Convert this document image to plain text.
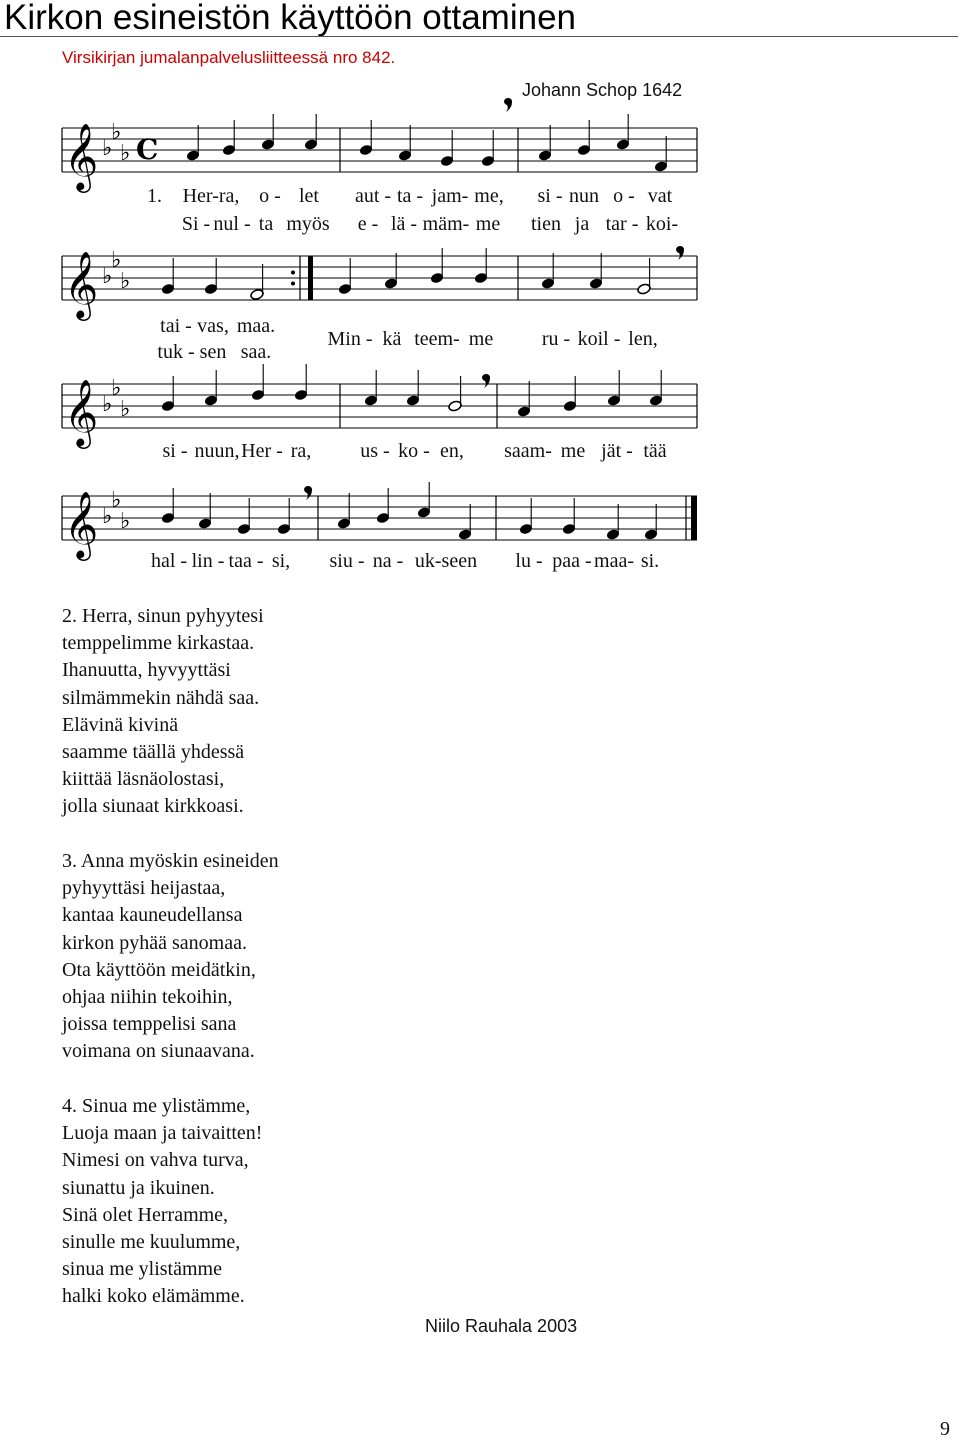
Kirkon esineistön käyttöön ottaminen
Virsikirjan jumalanpalvelusliitteessä nro 842.
Johann Schop 1642
𝄞 ♭
♭
♭ C
1. Her-ra, o - let aut - ta - jam- me, si - nun o - vat
Si - nul - ta myös e - lä - mäm- me tien ja tar - koi-
𝄞 ♭
♭
♭
tai - vas, maa.
tuk - sen saa.
Min - kä teem- me ru - koil - len,
𝄞 ♭
♭
♭
si - nuun, Her - ra, us - ko - en, saam- me jät - tää
𝄞 ♭
♭
♭
hal - lin - taa - si, siu - na - uk-seen lu - paa - maa- si.
2. Herra, sinun pyhyytesi
temppelimme kirkastaa.
Ihanuutta, hyvyyttäsi
silmämmekin nähdä saa.
Elävinä kivinä
saamme täällä yhdessä
kiittää läsnäolostasi,
jolla siunaat kirkkoasi.
3. Anna myöskin esineiden
pyhyyttäsi heijastaa,
kantaa kauneudellansa
kirkon pyhää sanomaa.
Ota käyttöön meidätkin,
ohjaa niihin tekoihin,
joissa temppelisi sana
voimana on siunaavana.
4. Sinua me ylistämme,
Luoja maan ja taivaitten!
Nimesi on vahva turva,
siunattu ja ikuinen.
Sinä olet Herramme,
sinulle me kuulumme,
sinua me ylistämme
halki koko elämämme.
Niilo Rauhala 2003
9
